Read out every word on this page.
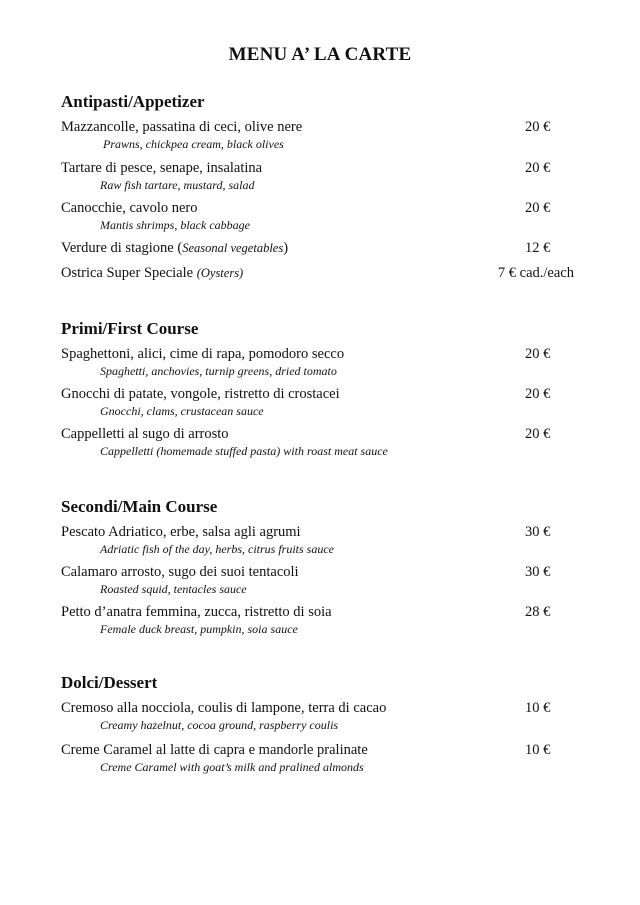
MENU A’ LA CARTE
Antipasti/Appetizer
Mazzancolle, passatina di ceci, olive nere
Prawns, chickpea cream, black olives
20 €
Tartare di pesce, senape, insalatina
Raw fish tartare, mustard, salad
20 €
Canocchie, cavolo nero
Mantis shrimps, black cabbage
20 €
Verdure di stagione (Seasonal vegetables)	12 €
Ostrica Super Speciale (Oysters)	7 € cad./each
Primi/First Course
Spaghettoni, alici, cime di rapa, pomodoro secco
Spaghetti, anchovies, turnip greens, dried tomato
20 €
Gnocchi di patate, vongole, ristretto di crostacei
Gnocchi, clams, crustacean sauce
20 €
Cappelletti al sugo di arrosto
Cappelletti (homemade stuffed pasta) with roast meat sauce
20 €
Secondi/Main Course
Pescato Adriatico, erbe, salsa agli agrumi
Adriatic fish of the day, herbs, citrus fruits sauce
30 €
Calamaro arrosto, sugo dei suoi tentacoli
Roasted squid, tentacles sauce
30 €
Petto d’anatra femmina, zucca, ristretto di soia
Female duck breast, pumpkin, soia sauce
28 €
Dolci/Dessert
Cremoso alla nocciola, coulis di lampone, terra di cacao
Creamy hazelnut, cocoa ground, raspberry coulis
10 €
Creme Caramel al latte di capra e mandorle pralinate
Creme Caramel with goat’s milk and pralined almonds
10 €
